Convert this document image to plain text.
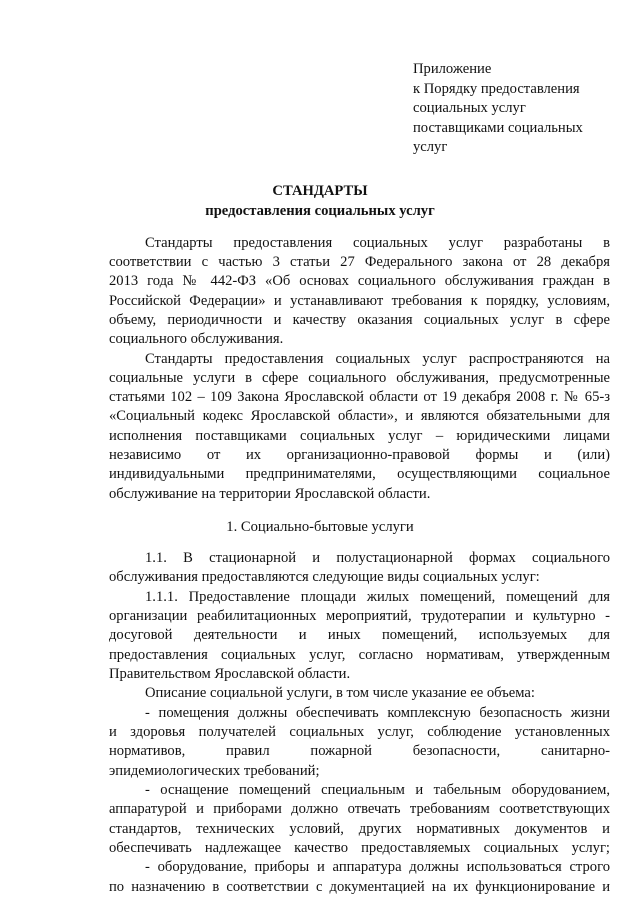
Приложение
к Порядку предоставления
социальных услуг
поставщиками социальных
услуг
СТАНДАРТЫ
предоставления социальных услуг
Стандарты предоставления социальных услуг разработаны в
соответствии с частью 3 статьи 27 Федерального закона от 28 декабря
2013 года № 442-ФЗ «Об основах социального обслуживания граждан в
Российской Федерации» и устанавливают требования к порядку, условиям,
объему, периодичности и качеству оказания социальных услуг в сфере
социального обслуживания.
Стандарты предоставления социальных услуг распространяются на
социальные услуги в сфере социального обслуживания, предусмотренные
статьями 102 – 109 Закона Ярославской области от 19 декабря 2008 г. № 65-з
«Социальный кодекс Ярославской области», и являются обязательными для
исполнения поставщиками социальных услуг – юридическими лицами
независимо от их организационно-правовой формы и (или)
индивидуальными предпринимателями, осуществляющими социальное
обслуживание на территории Ярославской области.
1. Социально-бытовые услуги
1.1. В стационарной и полустационарной формах социального
обслуживания предоставляются следующие виды социальных услуг:
1.1.1. Предоставление площади жилых помещений, помещений для
организации реабилитационных мероприятий, трудотерапии и культурно -
досуговой деятельности и иных помещений, используемых для
предоставления социальных услуг, согласно нормативам, утвержденным
Правительством Ярославской области.
Описание социальной услуги, в том числе указание ее объема:
- помещения должны обеспечивать комплексную безопасность жизни
и здоровья получателей социальных услуг, соблюдение установленных
нормативов, правил пожарной безопасности, санитарно-
эпидемиологических требований;
- оснащение помещений специальным и табельным оборудованием,
аппаратурой и приборами должно отвечать требованиям соответствующих
стандартов, технических условий, других нормативных документов и
обеспечивать надлежащее качество предоставляемых социальных услуг;
- оборудование, приборы и аппаратура должны использоваться строго
по назначению в соответствии с документацией на их функционирование и
